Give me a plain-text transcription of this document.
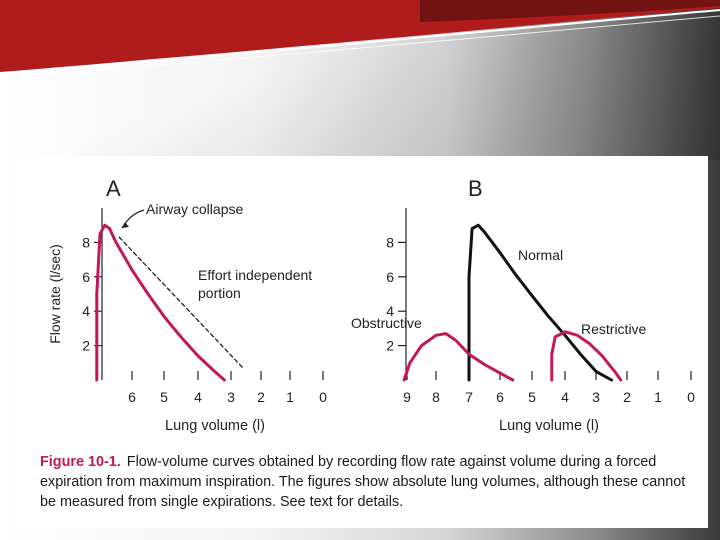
A
2
4
6
8
6 5 4 3 2 1 0
Lung volume (l)
Flow rate (l/sec)
Airway collapse
Effort independent
portion
B
2
4
6
8
9 8 7 6 5 4 3 2 1 0
Lung volume (l)
Normal
Obstructive	Restrictive
Figure 10-1. Flow-volume curves obtained by recording flow rate against volume during a forced expiration from maximum inspiration. The figures show absolute lung volumes, although these cannot be measured from single expirations. See text for details.
